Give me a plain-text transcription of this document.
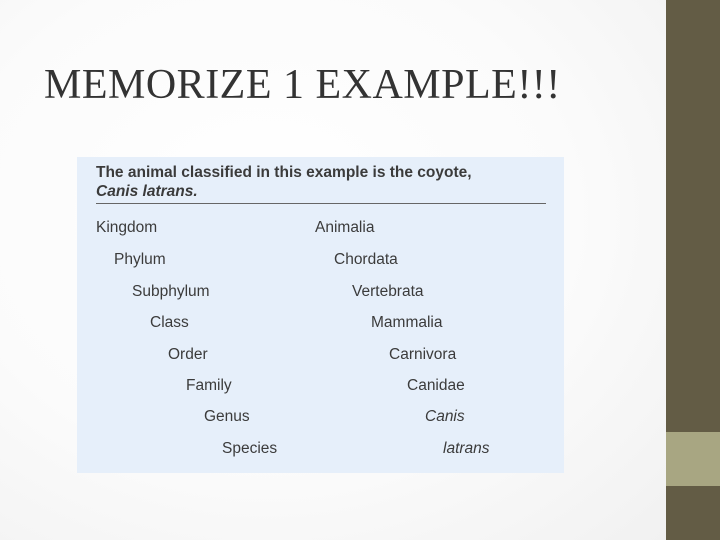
MEMORIZE 1 EXAMPLE!!!
The animal classified in this example is the coyote,
Canis latrans.
Kingdom	Animalia
Phylum	Chordata
Subphylum	Vertebrata
Class	Mammalia
Order	Carnivora
Family	Canidae
Genus	Canis
Species	latrans
